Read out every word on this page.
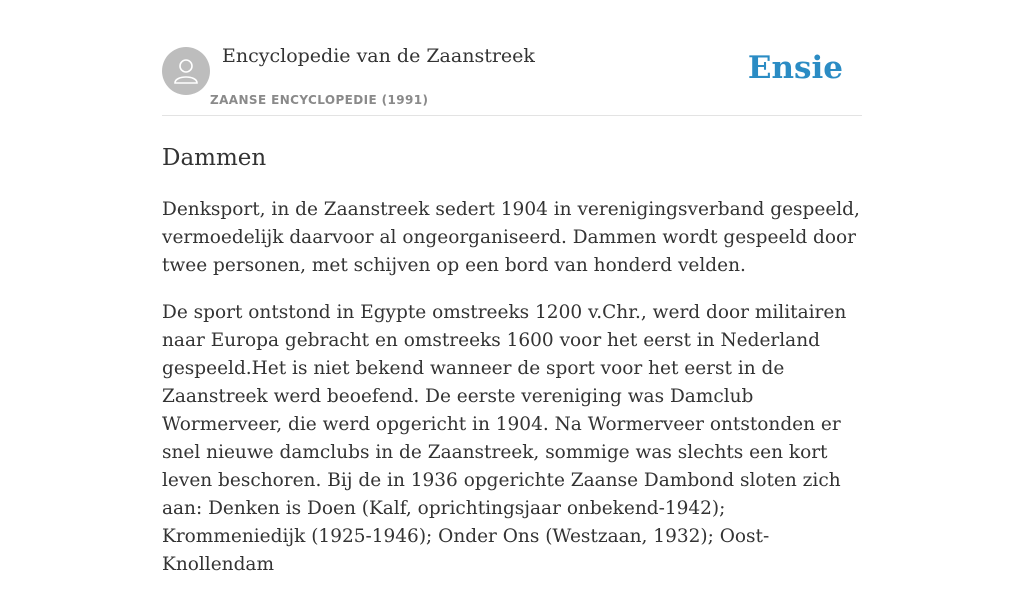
Encyclopedie van de Zaanstreek
ZAANSE ENCYCLOPEDIE (1991)
Ensie
Dammen

Denksport, in de Zaanstreek sedert 1904 in verenigingsverband gespeeld, vermoedelijk daarvoor al ongeorganiseerd. Dammen wordt gespeeld door twee personen, met schijven op een bord van honderd velden.

De sport ontstond in Egypte omstreeks 1200 v.Chr., werd door militairen naar Europa gebracht en omstreeks 1600 voor het eerst in Nederland gespeeld.Het is niet bekend wanneer de sport voor het eerst in de Zaanstreek werd beoefend. De eerste vereniging was Damclub Wormerveer, die werd opgericht in 1904. Na Wormerveer ontstonden er snel nieuwe damclubs in de Zaanstreek, sommige was slechts een kort leven beschoren. Bij de in 1936 opgerichte Zaanse Dambond sloten zich aan: Denken is Doen (Kalf, oprichtingsjaar onbekend-1942); Krommeniedijk (1925-1946); Onder Ons (Westzaan, 1932); Oost-Knollendam
